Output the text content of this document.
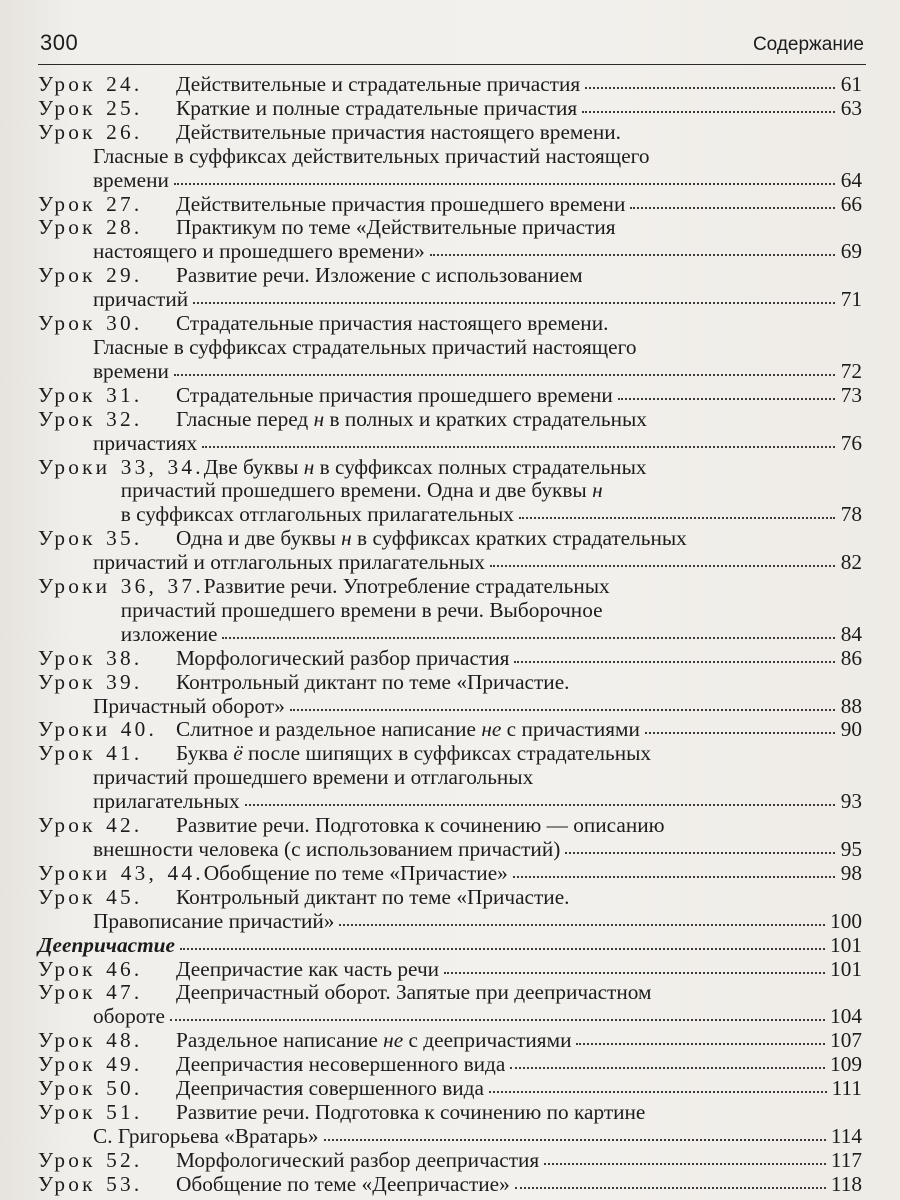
300	Содержание
Урок 24.	Действительные и страдательные причастия	61
Урок 25.	Краткие и полные страдательные причастия	63
Урок 26.	Действительные причастия настоящего времени.
Гласные в суффиксах действительных причастий настоящего
времени	64
Урок 27.	Действительные причастия прошедшего времени	66
Урок 28.	Практикум по теме «Действительные причастия
настоящего и прошедшего времени»	69
Урок 29.	Развитие речи. Изложение с использованием
причастий	71
Урок 30.	Страдательные причастия настоящего времени.
Гласные в суффиксах страдательных причастий настоящего
времени	72
Урок 31.	Страдательные причастия прошедшего времени	73
Урок 32.	Гласные перед н в полных и кратких страдательных
причастиях	76
Уроки 33, 34. Две буквы н в суффиксах полных страдательных
причастий прошедшего времени. Одна и две буквы н
в суффиксах отглагольных прилагательных	78
Урок 35.	Одна и две буквы н в суффиксах кратких страдательных
причастий и отглагольных прилагательных	82
Уроки 36, 37. Развитие речи. Употребление страдательных
причастий прошедшего времени в речи. Выборочное
изложение	84
Урок 38.	Морфологический разбор причастия	86
Урок 39.	Контрольный диктант по теме «Причастие.
Причастный оборот»	88
Уроки 40. Слитное и раздельное написание не с причастиями	90
Урок 41.	Буква ё после шипящих в суффиксах страдательных
причастий прошедшего времени и отглагольных
прилагательных	93
Урок 42.	Развитие речи. Подготовка к сочинению — описанию
внешности человека (с использованием причастий)	95
Уроки 43, 44. Обобщение по теме «Причастие»	98
Урок 45.	Контрольный диктант по теме «Причастие.
Правописание причастий»	100
Деепричастие	101
Урок 46.	Деепричастие как часть речи	101
Урок 47.	Деепричастный оборот. Запятые при деепричастном
обороте	104
Урок 48.	Раздельное написание не с деепричастиями	107
Урок 49.	Деепричастия несовершенного вида	109
Урок 50.	Деепричастия совершенного вида	111
Урок 51.	Развитие речи. Подготовка к сочинению по картине
С. Григорьева «Вратарь»	114
Урок 52.	Морфологический разбор деепричастия	117
Урок 53.	Обобщение по теме «Деепричастие»	118
